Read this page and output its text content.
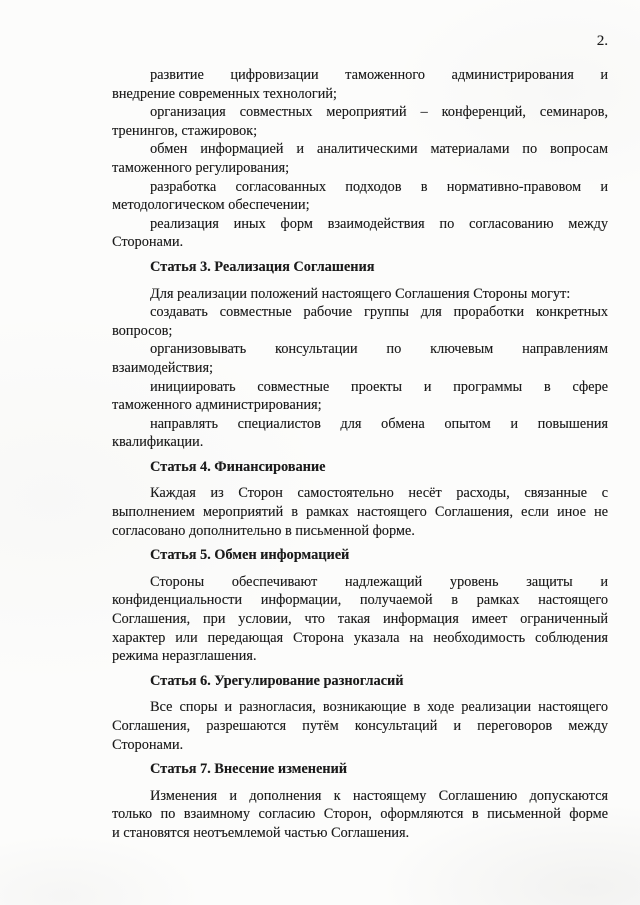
2.
развитие цифровизации таможенного администрирования и
внедрение современных технологий;
организация совместных мероприятий – конференций, семинаров,
тренингов, стажировок;
обмен информацией и аналитическими материалами по вопросам
таможенного регулирования;
разработка согласованных подходов в нормативно-правовом и
методологическом обеспечении;
реализация иных форм взаимодействия по согласованию между
Сторонами.
Статья 3. Реализация Соглашения
Для реализации положений настоящего Соглашения Стороны могут:
создавать совместные рабочие группы для проработки конкретных
вопросов;
организовывать консультации по ключевым направлениям
взаимодействия;
инициировать совместные проекты и программы в сфере
таможенного администрирования;
направлять специалистов для обмена опытом и повышения
квалификации.
Статья 4. Финансирование
Каждая из Сторон самостоятельно несёт расходы, связанные с
выполнением мероприятий в рамках настоящего Соглашения, если иное не
согласовано дополнительно в письменной форме.
Статья 5. Обмен информацией
Стороны обеспечивают надлежащий уровень защиты и
конфиденциальности информации, получаемой в рамках настоящего
Соглашения, при условии, что такая информация имеет ограниченный
характер или передающая Сторона указала на необходимость соблюдения
режима неразглашения.
Статья 6. Урегулирование разногласий
Все споры и разногласия, возникающие в ходе реализации настоящего
Соглашения, разрешаются путём консультаций и переговоров между
Сторонами.
Статья 7. Внесение изменений
Изменения и дополнения к настоящему Соглашению допускаются
только по взаимному согласию Сторон, оформляются в письменной форме
и становятся неотъемлемой частью Соглашения.
